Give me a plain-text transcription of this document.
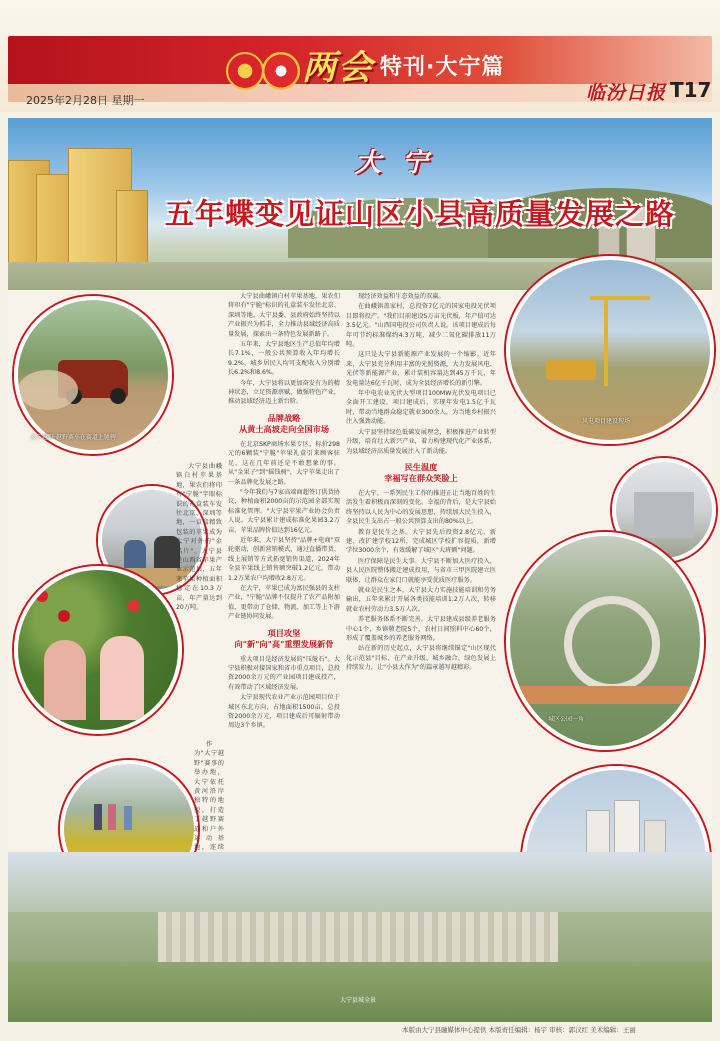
两会 特刊·大宁篇
2025年2月28日 星期一	临汾日报 T17
大 宁
五年蝶变见证山区小县高质量发展之路
大宁越野·越野赛车在赛道上驰骋
风电项目建设现场
城区公园一角

大宁县曲峨镇白村苹果基地，果农们将印有"宁脆"标识的礼盒装车发往北京、深圳等地。大宁县委、县政府始终坚持以产业振兴为抓手，全力推动县域经济高质量发展，探索出一条特色发展新路子。

五年来，大宁县地区生产总值年均增长7.1%，一般公共预算收入年均增长9.2%，城乡居民人均可支配收入分别增长6.2%和8.6%。

今年，大宁县将以更加奋发有为的精神状态，立足资源禀赋，做强特色产业，推动县域经济迈上新台阶。

品牌战略
从黄土高坡走向全国市场

在北京SKP商场水果专区，标价298元的6颗装"宁脆"苹果礼盒引来顾客驻足，这在几年前还是不敢想象的事。从"金果子"到"摇钱树"，大宁苹果走出了一条品牌化发展之路。

"今年我们与7家高端商超签订供货协议，种植面积2000亩的示范园全部实现标准化管理。"大宁县苹果产业协会负责人说。大宁县累计建成标准化果园3.2万亩，苹果品牌价值达到16亿元。

近年来，大宁县坚持"品牌+电商"双轮驱动，创新营销模式，通过直播带货、线上展销等方式拓宽销售渠道，2024年全县苹果线上销售额突破1.2亿元，带动1.2万果农户均增收2.8万元。

在大宁，苹果已成为富民强县的支柱产业，"宁脆"品牌不仅提升了农产品附加值，更带动了仓储、物流、加工等上下游产业链协同发展。

项目攻坚
向"新"向"高"重塑发展新骨

重大项目是经济发展的"压舱石"。大宁县积极对接国家和省市重点项目，总投资2000余万元的产业园项目建成投产，有效带动了区域经济发展。

大宁县现代农业产业示范园项目位于城区东北方向，占地面积1500亩，总投资2000余万元，项目建成后可辐射带动周边3个乡镇。

大宁县曲峨镇白村苹果基地，果农们将印有"宁脆"字眼标识的礼盒装车发往北京、深圳等地，一盒盒精致包装的苹果成为大宁对外的"金名片"。大宁县是山西省苹果产业示范县，五年来苹果种植面积稳定在10.3万亩，年产量达到20万吨。

作为"大宁越野"赛事的举办地，大宁依托黄河沿岸独特的地貌，打造了越野赛道和户外运动基地，连续

现经济效益和生态效益的双赢。

在曲峨镇盖家村，总投资7亿元的国家电投光伏项目即将投产。"我们目前建设5万亩光伏板，年产值可达3.5亿元。"山西国电投公司负责人说。该项目建成后每年可节约标准煤约4.3万吨，减少二氧化碳排放11万吨。

这只是大宁县新能源产业发展的一个缩影。近年来，大宁县充分利用丰富的光照资源，大力发展风电、光伏等新能源产业，累计装机容量达到45万千瓦，年发电量达6亿千瓦时，成为全县经济增长的新引擎。

年中电农业光伏大型项目100MW光伏发电项目已全面开工建设，项目建成后，实现年发电1.5亿千瓦时，带动当地群众稳定就业300余人，为当地乡村振兴注入强劲动能。

大宁县坚持绿色低碳发展理念，积极推进产业转型升级，培育壮大新兴产业，着力构建现代化产业体系，为县域经济高质量发展注入了新动能。

民生温度
幸福写在群众笑脸上

在大宁，一系列民生工作的推进正让当地百姓的生活发生着积极而深刻的变化。幸福的背后，是大宁县始终坚持以人民为中心的发展思想，持续加大民生投入，全县民生支出占一般公共预算支出的80%以上。

教育是民生之基。大宁县先后投资2.8亿元，新建、改扩建学校12所，完成城区学校扩容提质，新增学位3000余个，有效缓解了城区"大班额"问题。

医疗保障是民生大事。大宁县不断加大医疗投入，县人民医院整体搬迁建成投用，与省市三甲医院建立医联体，让群众在家门口就能享受优质医疗服务。

就业是民生之本。大宁县大力实施技能培训和劳务输出，五年来累计开展各类技能培训1.2万人次，转移就业农村劳动力3.5万人次。

养老服务体系不断完善。大宁县建成县级养老服务中心1个、乡镇敬老院5个、农村日间照料中心60个，形成了覆盖城乡的养老服务网络。

站在新的历史起点，大宁县将继续锚定"山区现代化示范县"目标，在产业升级、城乡融合、绿色发展上持续发力，让"小县大作为"的篇章越写越精彩。

大宁县城全景
本版由大宁县融媒体中心提供 本版责任编辑：杨宇 审核：郭汉红 美术编辑：王丽
